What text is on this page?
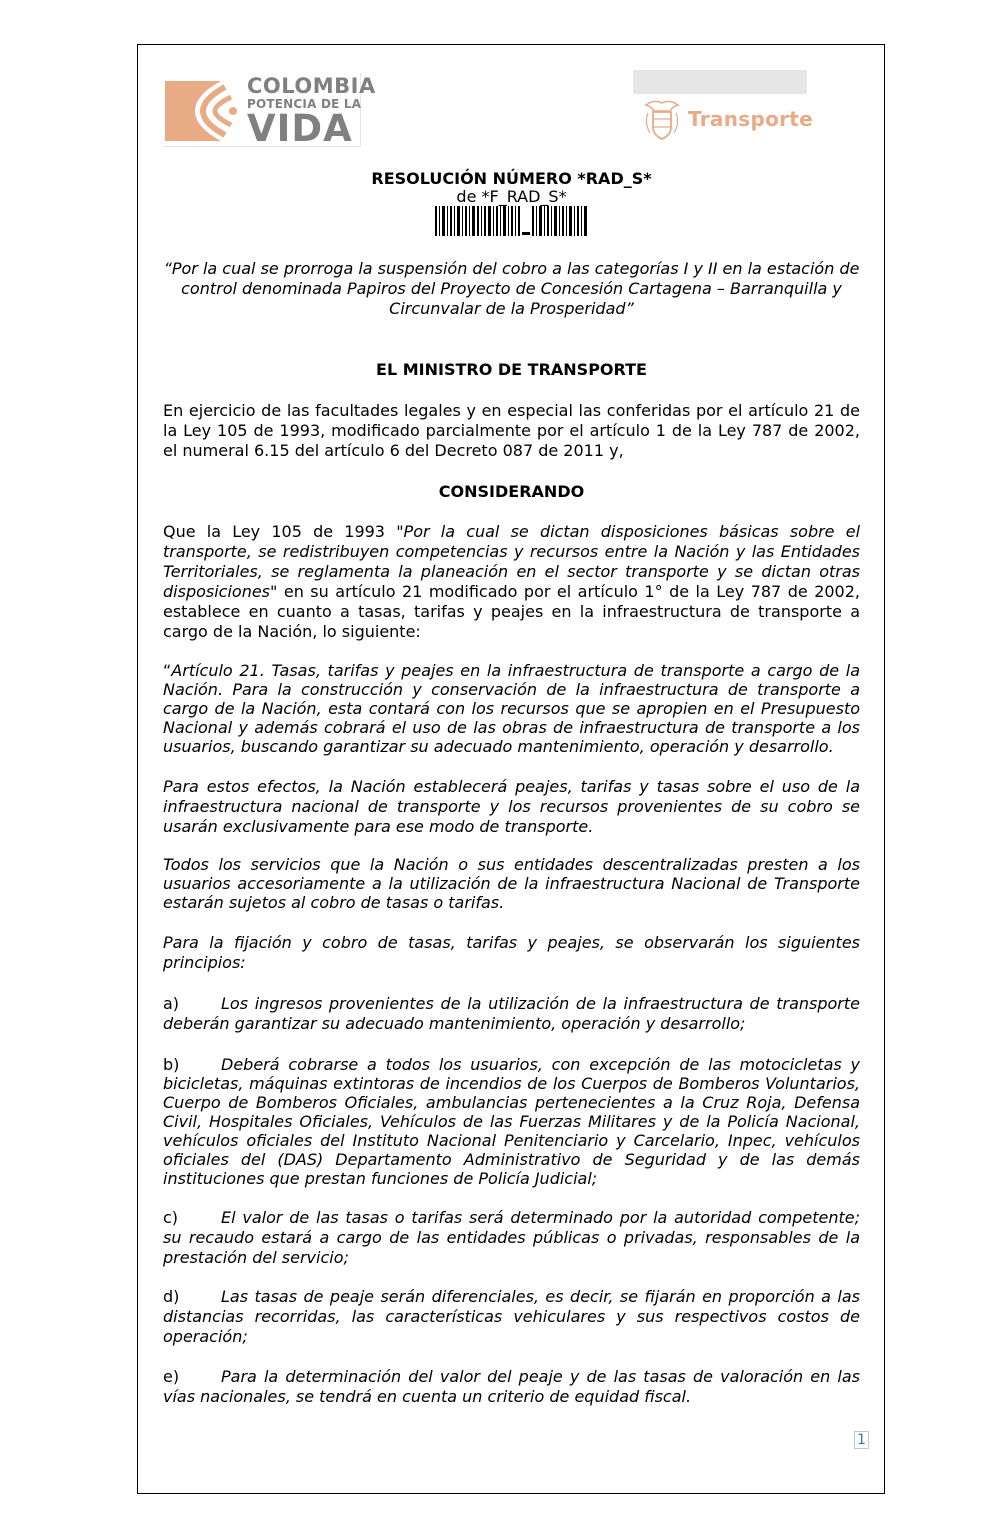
COLOMBIA
POTENCIA DE LA
VIDA	Transporte
RESOLUCIÓN NÚMERO *RAD_S*
de *F_RAD_S*
“Por la cual se prorroga la suspensión del cobro a las categorías I y II en la estación de control denominada Papiros del Proyecto de Concesión Cartagena – Barranquilla y Circunvalar de la Prosperidad”
EL MINISTRO DE TRANSPORTE
En ejercicio de las facultades legales y en especial las conferidas por el artículo 21 de la Ley 105 de 1993, modificado parcialmente por el artículo 1 de la Ley 787 de 2002, el numeral 6.15 del artículo 6 del Decreto 087 de 2011 y,
CONSIDERANDO
Que la Ley 105 de 1993 "Por la cual se dictan disposiciones básicas sobre el transporte, se redistribuyen competencias y recursos entre la Nación y las Entidades Territoriales, se reglamenta la planeación en el sector transporte y se dictan otras disposiciones" en su artículo 21 modificado por el artículo 1° de la Ley 787 de 2002, establece en cuanto a tasas, tarifas y peajes en la infraestructura de transporte a cargo de la Nación, lo siguiente:
“Artículo 21. Tasas, tarifas y peajes en la infraestructura de transporte a cargo de la Nación. Para la construcción y conservación de la infraestructura de transporte a cargo de la Nación, esta contará con los recursos que se apropien en el Presupuesto Nacional y además cobrará el uso de las obras de infraestructura de transporte a los usuarios, buscando garantizar su adecuado mantenimiento, operación y desarrollo.
Para estos efectos, la Nación establecerá peajes, tarifas y tasas sobre el uso de la infraestructura nacional de transporte y los recursos provenientes de su cobro se usarán exclusivamente para ese modo de transporte.
Todos los servicios que la Nación o sus entidades descentralizadas presten a los usuarios accesoriamente a la utilización de la infraestructura Nacional de Transporte estarán sujetos al cobro de tasas o tarifas.
Para la fijación y cobro de tasas, tarifas y peajes, se observarán los siguientes principios:
a)	Los ingresos provenientes de la utilización de la infraestructura de transporte deberán garantizar su adecuado mantenimiento, operación y desarrollo;
b)	Deberá cobrarse a todos los usuarios, con excepción de las motocicletas y bicicletas, máquinas extintoras de incendios de los Cuerpos de Bomberos Voluntarios, Cuerpo de Bomberos Oficiales, ambulancias pertenecientes a la Cruz Roja, Defensa Civil, Hospitales Oficiales, Vehículos de las Fuerzas Militares y de la Policía Nacional, vehículos oficiales del Instituto Nacional Penitenciario y Carcelario, Inpec, vehículos oficiales del (DAS) Departamento Administrativo de Seguridad y de las demás instituciones que prestan funciones de Policía Judicial;
c)	El valor de las tasas o tarifas será determinado por la autoridad competente; su recaudo estará a cargo de las entidades públicas o privadas, responsables de la prestación del servicio;
d)	Las tasas de peaje serán diferenciales, es decir, se fijarán en proporción a las distancias recorridas, las características vehiculares y sus respectivos costos de operación;
e)	Para la determinación del valor del peaje y de las tasas de valoración en las vías nacionales, se tendrá en cuenta un criterio de equidad fiscal.
1
